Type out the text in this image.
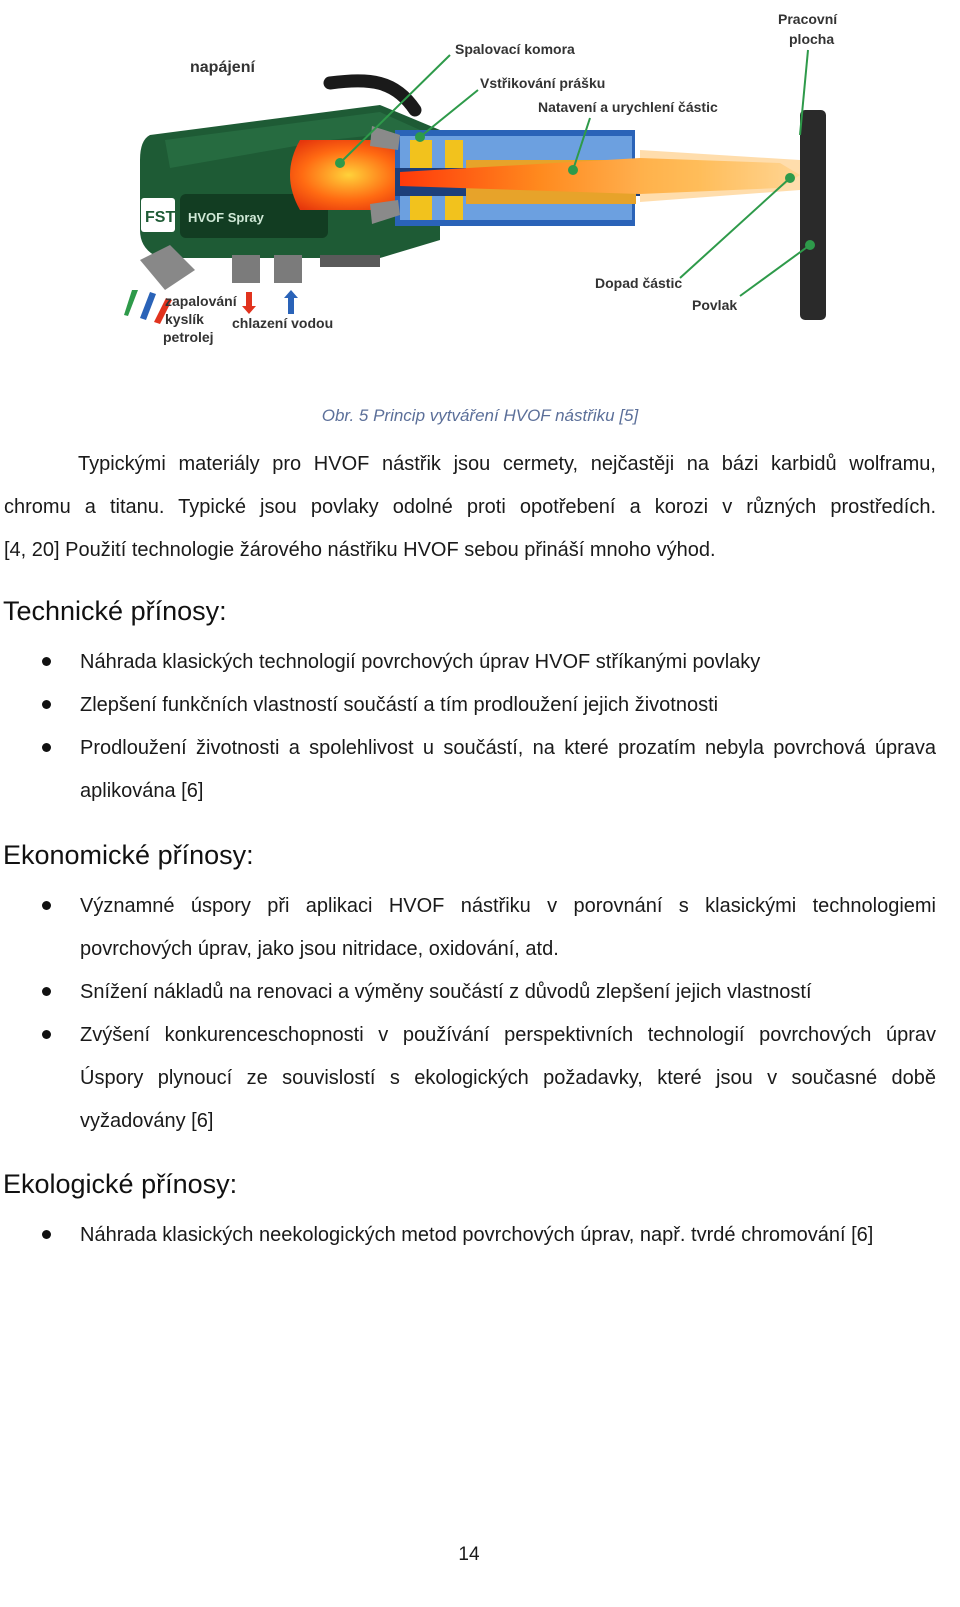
FST HVOF Spray
Pracovní
plocha
Spalovací komora
napájení
Vstřikování prášku
Natavení a urychlení částic
Dopad částic
Povlak
zapalování
kyslík
petrolej
chlazení vodou
Obr. 5 Princip vytváření HVOF nástřiku [5]
Typickými materiály pro HVOF nástřik jsou cermety, nejčastěji na bázi karbidů wolframu,
chromu a titanu. Typické jsou povlaky odolné proti opotřebení a korozi v různých prostředích.
[4, 20] Použití technologie žárového nástřiku HVOF sebou přináší mnoho výhod.
Technické přínosy:
Náhrada klasických technologií povrchových úprav HVOF stříkanými povlaky
Zlepšení funkčních vlastností součástí a tím prodloužení jejich životnosti
Prodloužení životnosti a spolehlivost u součástí, na které prozatím nebyla povrchová úprava
aplikována [6]
Ekonomické přínosy:
Významné úspory při aplikaci HVOF nástřiku v porovnání s klasickými technologiemi
povrchových úprav, jako jsou nitridace, oxidování, atd.
Snížení nákladů na renovaci a výměny součástí z důvodů zlepšení jejich vlastností
Zvýšení konkurenceschopnosti v používání perspektivních technologií povrchových úprav
Úspory plynoucí ze souvislostí s ekologických požadavky, které jsou v současné době
vyžadovány [6]
Ekologické přínosy:
Náhrada klasických neekologických metod povrchových úprav, např. tvrdé chromování [6]
14
